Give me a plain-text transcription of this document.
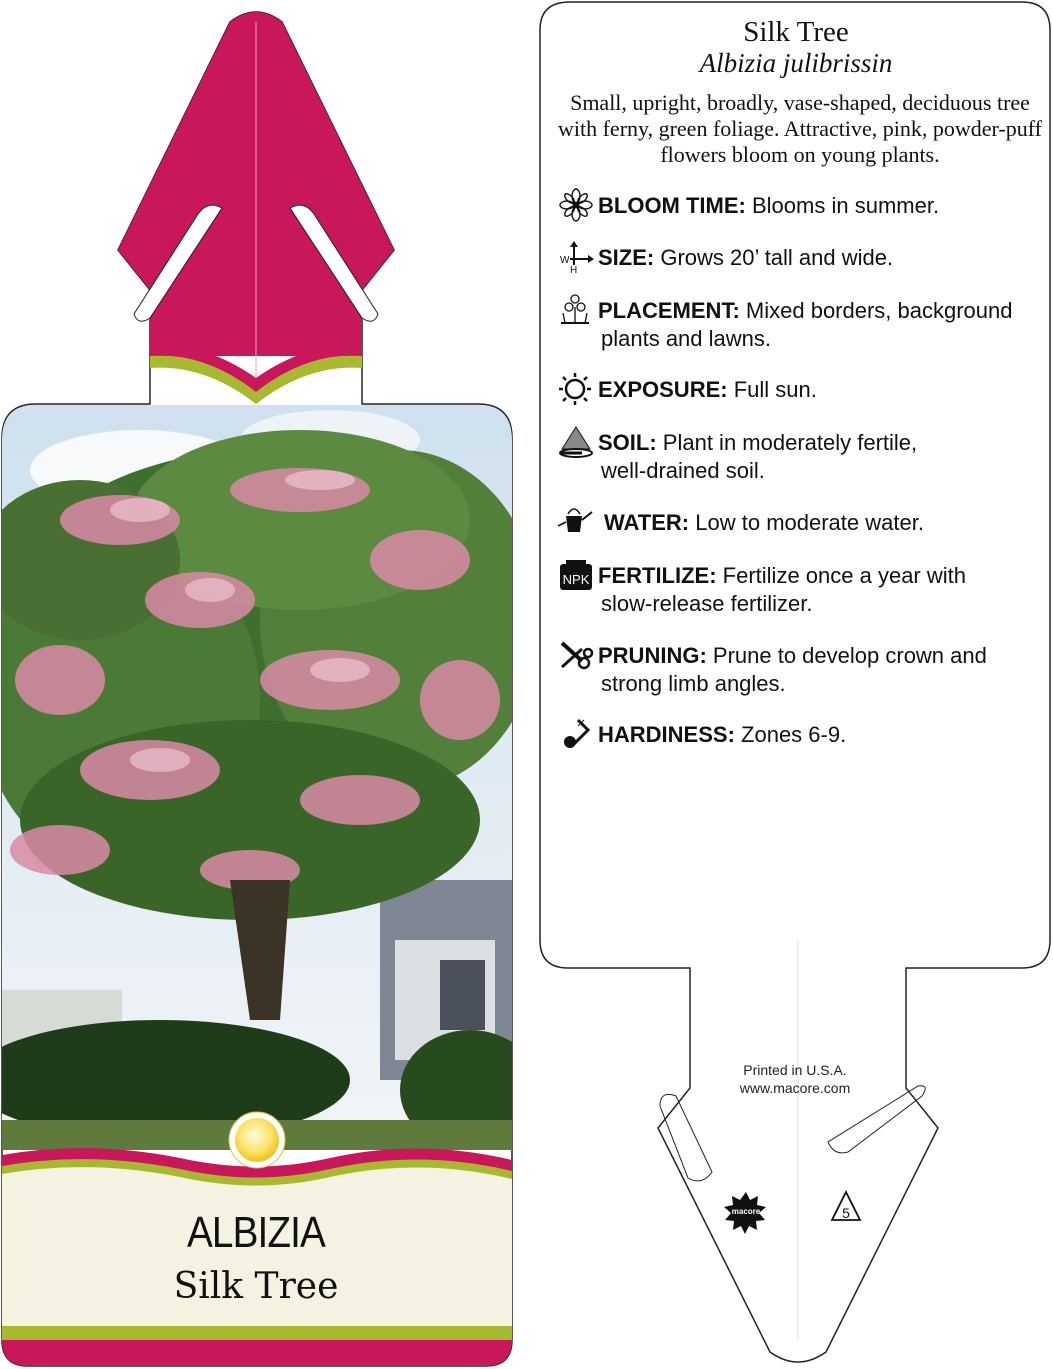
macore	5
W
H
NPK
ALBIZIA
Silk Tree
Silk Tree
Albizia julibrissin
Small, upright, broadly, vase-shaped, deciduous tree with ferny, green foliage. Attractive, pink, powder-puff flowers bloom on young plants.
BLOOM TIME: Blooms in summer.
SIZE: Grows 20’ tall and wide.
PLACEMENT: Mixed borders, background
plants and lawns.
EXPOSURE: Full sun.
SOIL: Plant in moderately fertile,
well-drained soil.
WATER: Low to moderate water.
FERTILIZE: Fertilize once a year with
slow-release fertilizer.
PRUNING: Prune to develop crown and
strong limb angles.
HARDINESS: Zones 6-9.
Printed in U.S.A.
www.macore.com
